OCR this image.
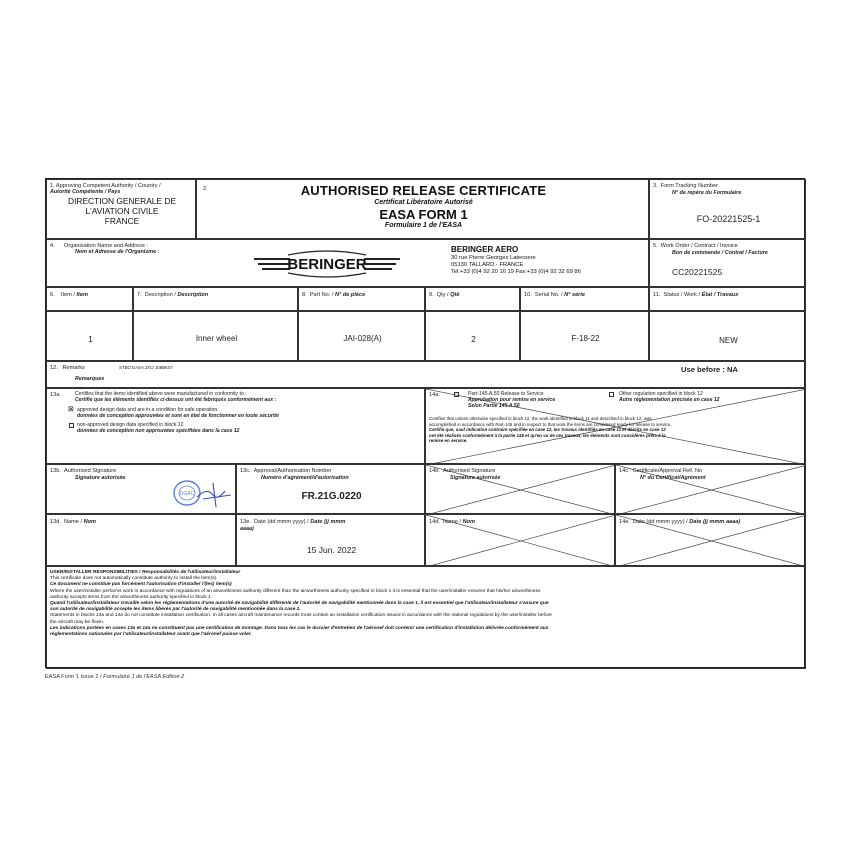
1. Approving Competent Authority / Country /
Autorité Compétente / Pays
DIRECTION GENERALE DE
L'AVIATION CIVILE
FRANCE
2.	AUTHORISED RELEASE CERTIFICATE
Certificat Libératoire Autorisé
EASA FORM 1
Formulaire 1 de l'EASA
3. Form Tracking Number
N° de repère du Formulaire
FO-20221525-1
4. Organisation Name and Address :
Nom et Adresse de l'Organisme :
BERINGER
BERINGER AERO
30 rue Pierre Georges Latecoere
05130 TALLARD - FRANCE
Tel:+33 (0)4 92 20 16 19 Fax:+33 (0)4 92 32 69 86
5. Work Order / Contract / Invoice
Bon de commande / Contrat / Facture
CC20221525
6. Item / Item	7. Description / Description	8. Part No. / N° de pièce	9. Qty / Qté	10. Serial No. / N° série	11. Status / Work / État / Travaux
1	Inner wheel	JAI-028(A)	2	F-18-22	NEW
12. Remarks	STBO EASA 2XO 108BK07
Remarques
Use before : NA
13a.	Certifies that the items identified above were manufactured in conformity to :
Certifie que les éléments identifiés ci-dessus ont été fabriqués conformément aux :
⊠ approved design data and are in a condition for safe operation.
données de conception approuvées et sont en état de fonctionner en toute sécurité
non-approved design data specified in block 12
données de conception non approuvées spécifiées dans la case 12
14a.	Part-145.A.50 Release to Service
Approbation pour remise en service
Selon Partie 145.A.50
Other regulation specified in block 12
Autre réglementation précisée en case 12
Certifies that unless otherwise specified in block 12, the work identified in block 11 and described in block 12, was
accomplished in accordance with Part-145 and in respect to that work the items are considered ready for release to service.
Certifie que, sauf indication contraire spécifiée en case 12, les travaux identifiés en case 11 et décrits en case 12
ont été réalisés conformément à la partie 145 et qu'eu vu de ces travaux, les éléments sont considérés prêts à la
remise en service.
13b. Authorised Signature
Signature autorisée
DGAC
13c. Approval/Authorisation Number
Numéro d'agrément/d'autorisation
FR.21G.0220
14b. Authorised Signature
Signature autorisée
14c. Certificate/Approval Ref. No
N° du Certificat/Agrément
13d. Name / Nom	13e. Date (dd mmm yyyy) / Date (jj mmm
aaaa)
15 Jun. 2022
14d. Name / Nom	14e. Date (dd mmm yyyy) / Date (jj mmm aaaa)
USER/INSTALLER RESPONSIBILITIES / Responsabilités de l'utilisateur/installateur
This certificate does not automatically constitute authority to install the item(s).
Ce document ne constitue pas forcément l'autorisation d'installer l'(les) item(s)
Where the user/installer performs work in accordance with regulations of an airworthiness authority different than the airworthiness authority specified in block 1 it is essential that the user/installer ensures that his/her airworthiness
authority accepts items from the airworthiness authority specified in block 1.
Quand l'utilisateur/installateur travaille selon les réglementations d'une autorité de navigabilité différente de l'autorité de navigabilité mentionnée dans la case 1, il est essentiel que l'utilisateur/installateur s'assure que
son autorité de navigabilité accepte les items libérés par l'autorité de navigabilité mentionnée dans la case 1.
Statements in blocks 13a and 14a do not constitute installation certification. In all cases aircraft maintenance records must contain an installation certification issued in accordance with the national regulations by the user/installer before
the aircraft may be flown.
Les indications portées en cases 13a et 14a ne constituent pas une certification de montage. Dans tous les cas le dossier d'entretien de l'aéronef doit contenir une certification d'installation délivrée conformément aux
réglementations nationales par l'utilisateur/installateur avant que l'aéronef puisse voler.
EASA Form 1 Issue 2 / Formulaire 1 de l'EASA Edition 2
